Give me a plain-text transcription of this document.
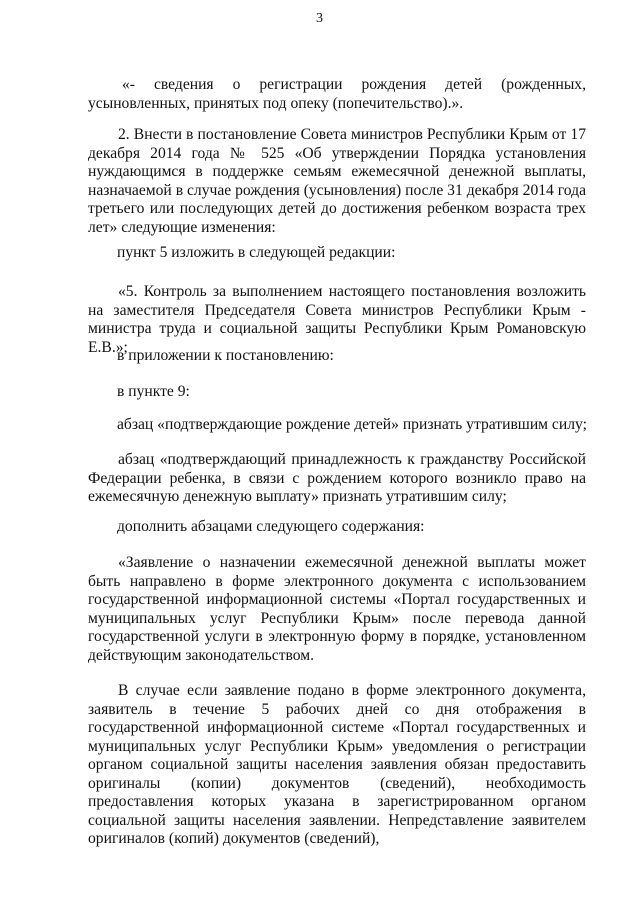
3

«- сведения о регистрации рождения детей (рожденных, усыновленных, принятых под опеку (попечительство).».

2. Внести в постановление Совета министров Республики Крым от 17 декабря 2014 года № 525 «Об утверждении Порядка установления нуждающимся в поддержке семьям ежемесячной денежной выплаты, назначаемой в случае рождения (усыновления) после 31 декабря 2014 года третьего или последующих детей до достижения ребенком возраста трех лет» следующие изменения:

пункт 5 изложить в следующей редакции:

«5. Контроль за выполнением настоящего постановления возложить на заместителя Председателя Совета министров Республики Крым - министра труда и социальной защиты Республики Крым Романовскую Е.В.»;

в приложении к постановлению:

в пункте 9:

абзац «подтверждающие рождение детей» признать утратившим силу;

абзац «подтверждающий принадлежность к гражданству Российской Федерации ребенка, в связи с рождением которого возникло право на ежемесячную денежную выплату» признать утратившим силу;

дополнить абзацами следующего содержания:

«Заявление о назначении ежемесячной денежной выплаты может быть направлено в форме электронного документа с использованием государственной информационной системы «Портал государственных и муниципальных услуг Республики Крым» после перевода данной государственной услуги в электронную форму в порядке, установленном действующим законодательством.

В случае если заявление подано в форме электронного документа, заявитель в течение 5 рабочих дней со дня отображения в государственной информационной системе «Портал государственных и муниципальных услуг Республики Крым» уведомления о регистрации органом социальной защиты населения заявления обязан предоставить оригиналы (копии) документов (сведений), необходимость предоставления которых указана в зарегистрированном органом социальной защиты населения заявлении. Непредставление заявителем оригиналов (копий) документов (сведений),
